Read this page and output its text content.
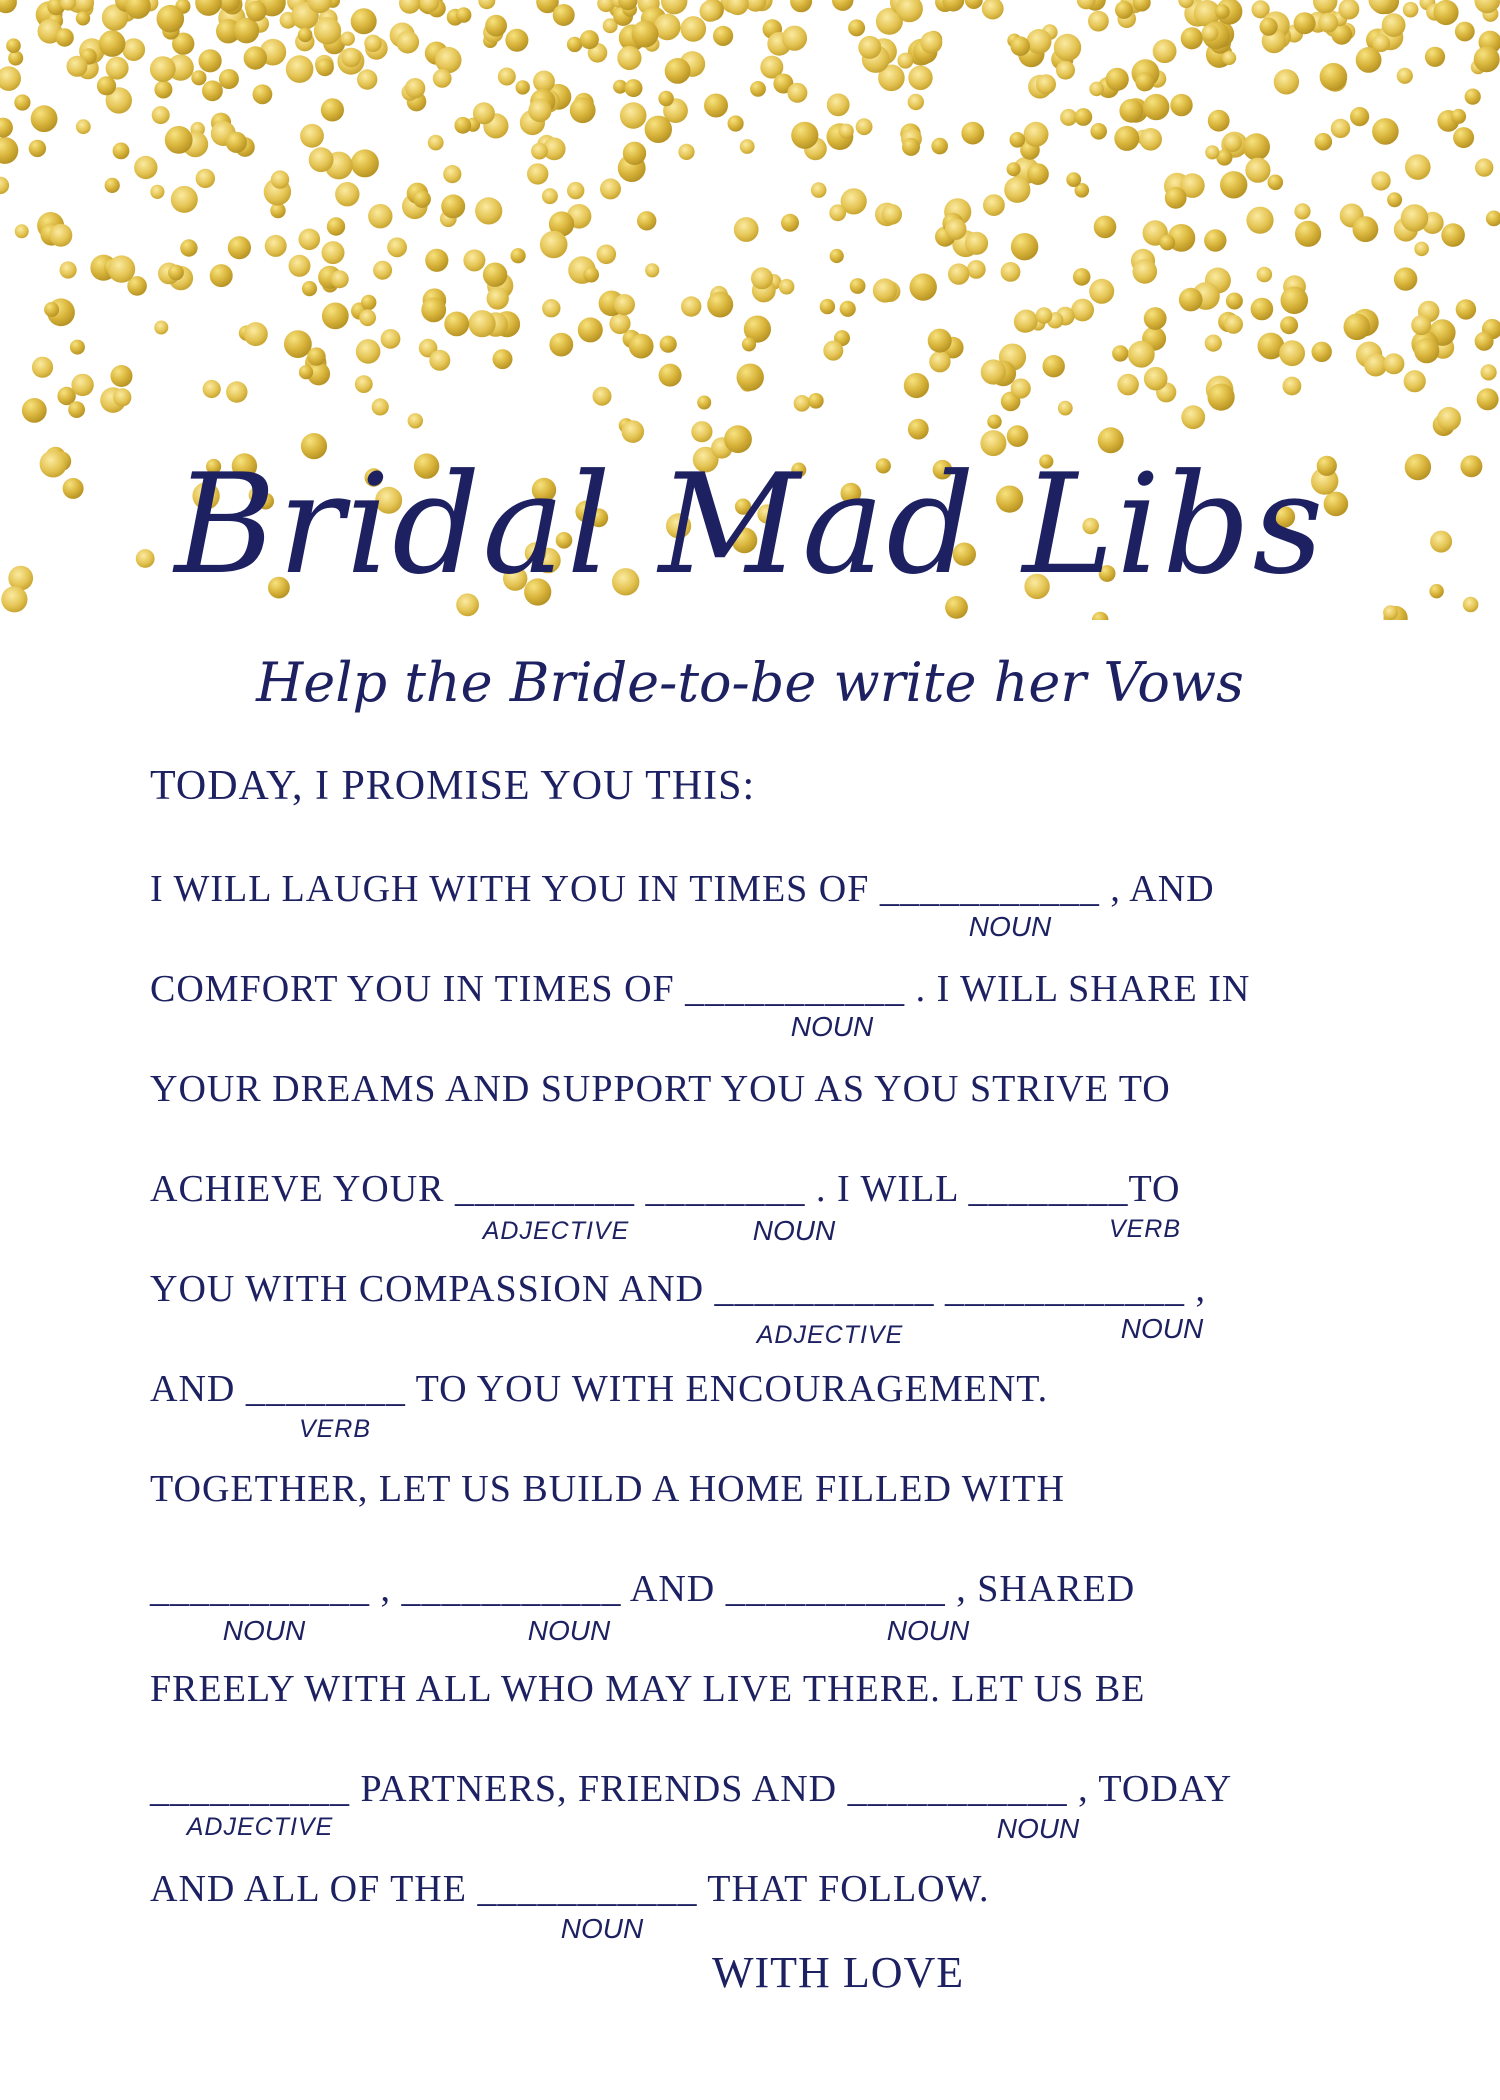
Bridal Mad Libs
Help the Bride-to-be write her Vows
TODAY, I PROMISE YOU THIS:
I WILL LAUGH WITH YOU IN TIMES OF ___________ , AND
COMFORT YOU IN TIMES OF ___________ . I WILL SHARE IN
YOUR DREAMS AND SUPPORT YOU AS YOU STRIVE TO
ACHIEVE YOUR _________ ________ . I WILL ________TO
YOU WITH COMPASSION AND ___________ ____________ ,
AND ________ TO YOU WITH ENCOURAGEMENT.
TOGETHER, LET US BUILD A HOME FILLED WITH
___________ , ___________ AND ___________ , SHARED
FREELY WITH ALL WHO MAY LIVE THERE. LET US BE
__________ PARTNERS, FRIENDS AND ___________ , TODAY
AND ALL OF THE ___________ THAT FOLLOW.
WITH LOVE
NOUN
NOUN
ADJECTIVE	NOUN	VERB
ADJECTIVE	NOUN
VERB
NOUN	NOUN	NOUN
ADJECTIVE	NOUN
NOUN
